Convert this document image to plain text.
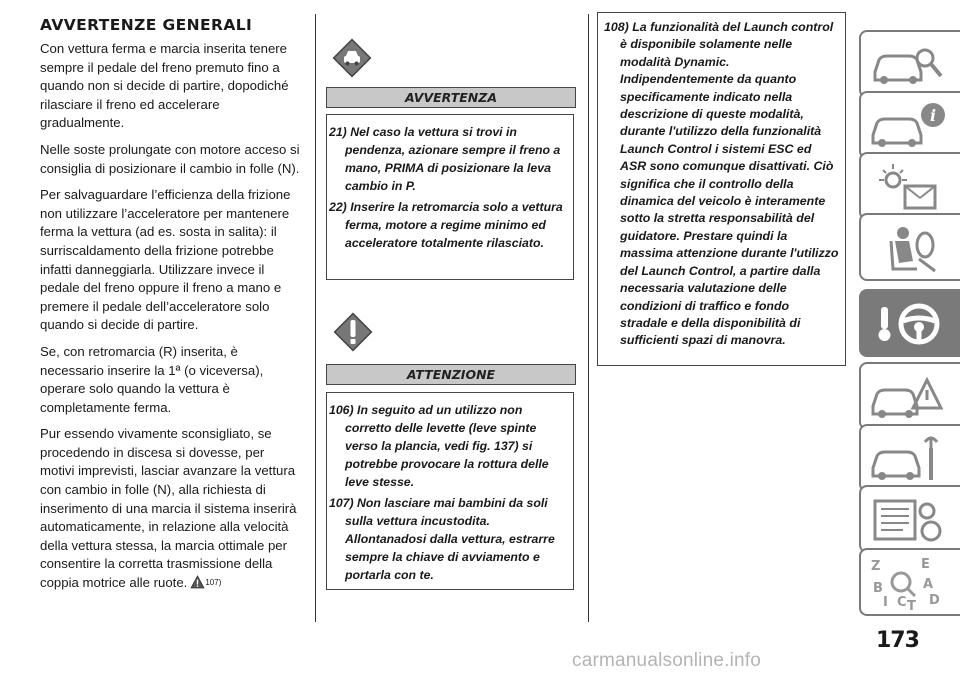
AVVERTENZE GENERALI

Con vettura ferma e marcia inserita tenere sempre il pedale del freno premuto fino a quando non si decide di partire, dopodiché rilasciare il freno ed accelerare gradualmente.

Nelle soste prolungate con motore acceso si consiglia di posizionare il cambio in folle (N).

Per salvaguardare l’efficienza della frizione non utilizzare l’acceleratore per mantenere ferma la vettura (ad es. sosta in salita): il surriscaldamento della frizione potrebbe infatti danneggiarla. Utilizzare invece il pedale del freno oppure il freno a mano e premere il pedale dell’acceleratore solo quando si decide di partire.

Se, con retromarcia (R) inserita, è necessario inserire la 1ª (o viceversa), operare solo quando la vettura è completamente ferma.

Pur essendo vivamente sconsigliato, se procedendo in discesa si dovesse, per motivi imprevisti, lasciar avanzare la vettura con cambio in folle (N), alla richiesta di inserimento di una marcia il sistema inserirà automaticamente, in relazione alla velocità della vettura stessa, la marcia ottimale per consentire la corretta trasmissione della coppia motrice alle ruote. 107)

AVVERTENZA
21) Nel caso la vettura si trovi in pendenza, azionare sempre il freno a mano, PRIMA di posizionare la leva cambio in P.
22) Inserire la retromarcia solo a vettura ferma, motore a regime minimo ed acceleratore totalmente rilasciato.
ATTENZIONE
106) In seguito ad un utilizzo non corretto delle levette (leve spinte verso la plancia, vedi fig. 137) si potrebbe provocare la rottura delle leve stesse.
107) Non lasciare mai bambini da soli sulla vettura incustodita. Allontanadosi dalla vettura, estrarre sempre la chiave di avviamento e portarla con te.
108) La funzionalità del Launch control è disponibile solamente nelle modalità Dynamic. Indipendentemente da quanto specificamente indicato nella descrizione di queste modalità, durante l'utilizzo della funzionalità Launch Control i sistemi ESC ed ASR sono comunque disattivati. Ciò significa che il controllo della dinamica del veicolo è interamente sotto la stretta responsabilità del guidatore. Prestare quindi la massima attenzione durante l'utilizzo del Launch Control, a partire dalla necessaria valutazione delle condizioni di traffico e fondo stradale e della disponibilità di sufficienti spazi di manovra.
i
Z	E
B	A
I C T D
173
carmanualsonline.info
